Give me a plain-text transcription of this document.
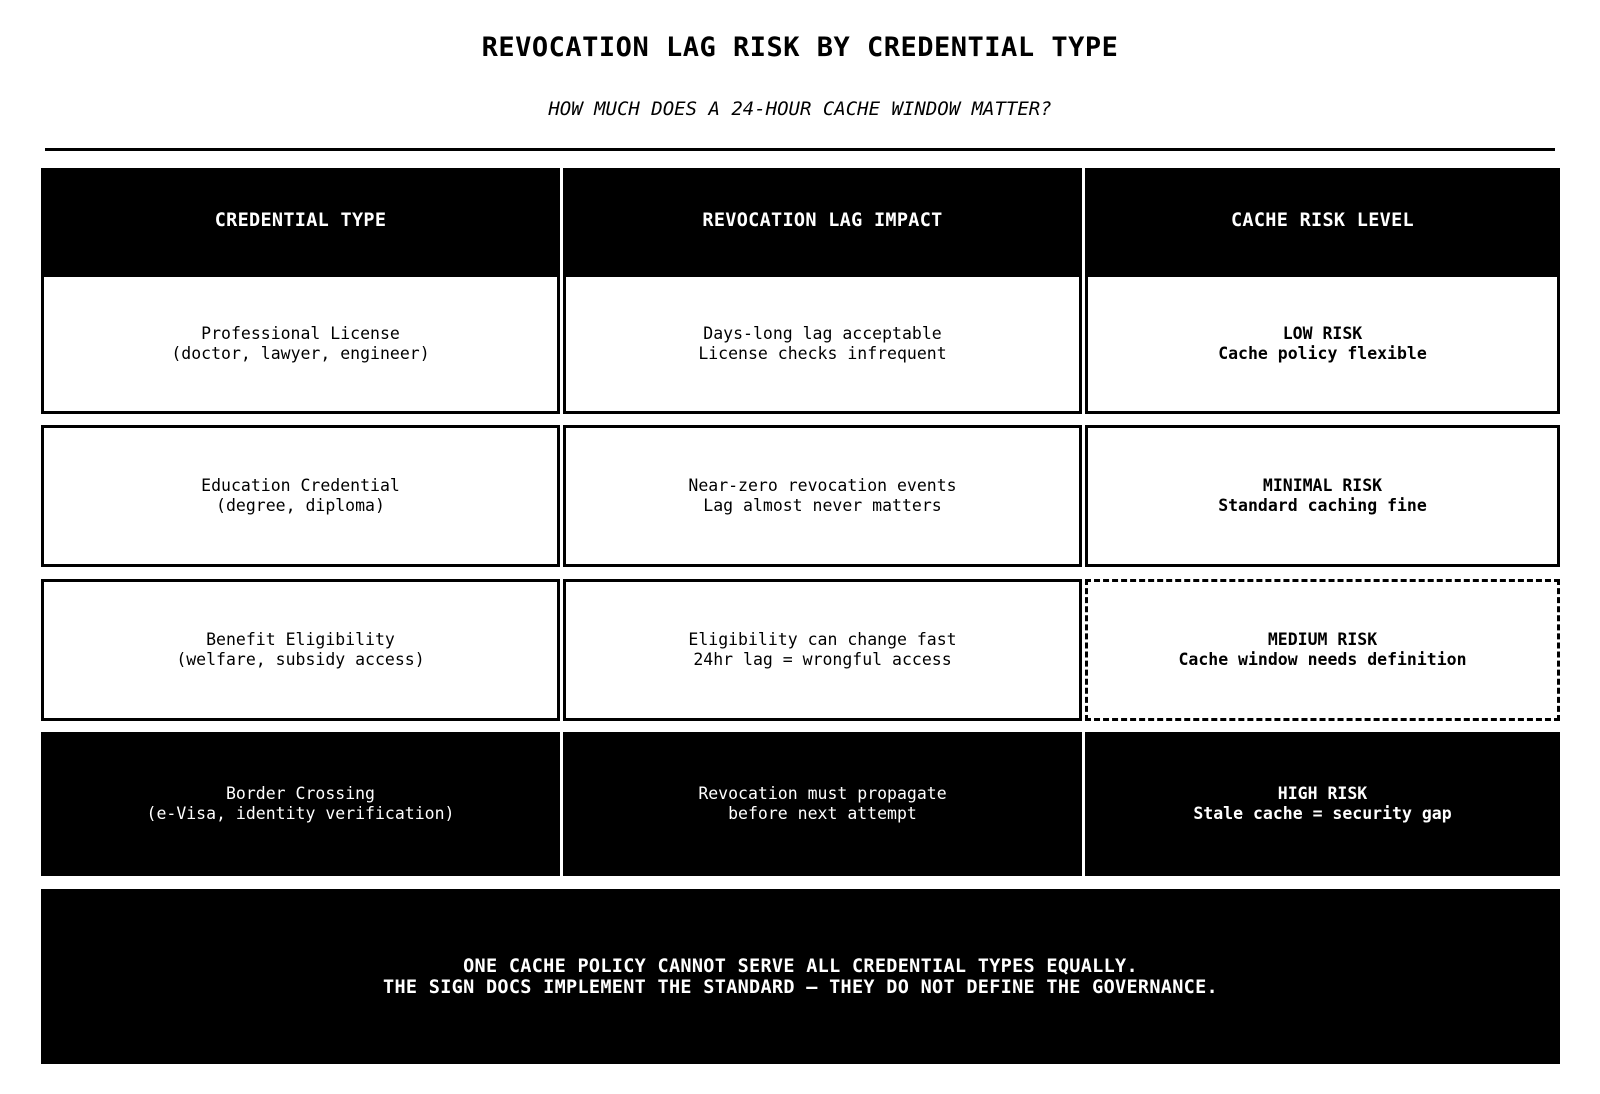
REVOCATION LAG RISK BY CREDENTIAL TYPE
HOW MUCH DOES A 24-HOUR CACHE WINDOW MATTER?
CREDENTIAL TYPE	REVOCATION LAG IMPACT	CACHE RISK LEVEL
Professional License
(doctor, lawyer, engineer)
Days-long lag acceptable
License checks infrequent
LOW RISK
Cache policy flexible
Education Credential
(degree, diploma)
Near-zero revocation events
Lag almost never matters
MINIMAL RISK
Standard caching fine
Benefit Eligibility
(welfare, subsidy access)
Eligibility can change fast
24hr lag = wrongful access
MEDIUM RISK
Cache window needs definition
Border Crossing
(e-Visa, identity verification)
Revocation must propagate
before next attempt
HIGH RISK
Stale cache = security gap
ONE CACHE POLICY CANNOT SERVE ALL CREDENTIAL TYPES EQUALLY.
THE SIGN DOCS IMPLEMENT THE STANDARD — THEY DO NOT DEFINE THE GOVERNANCE.
